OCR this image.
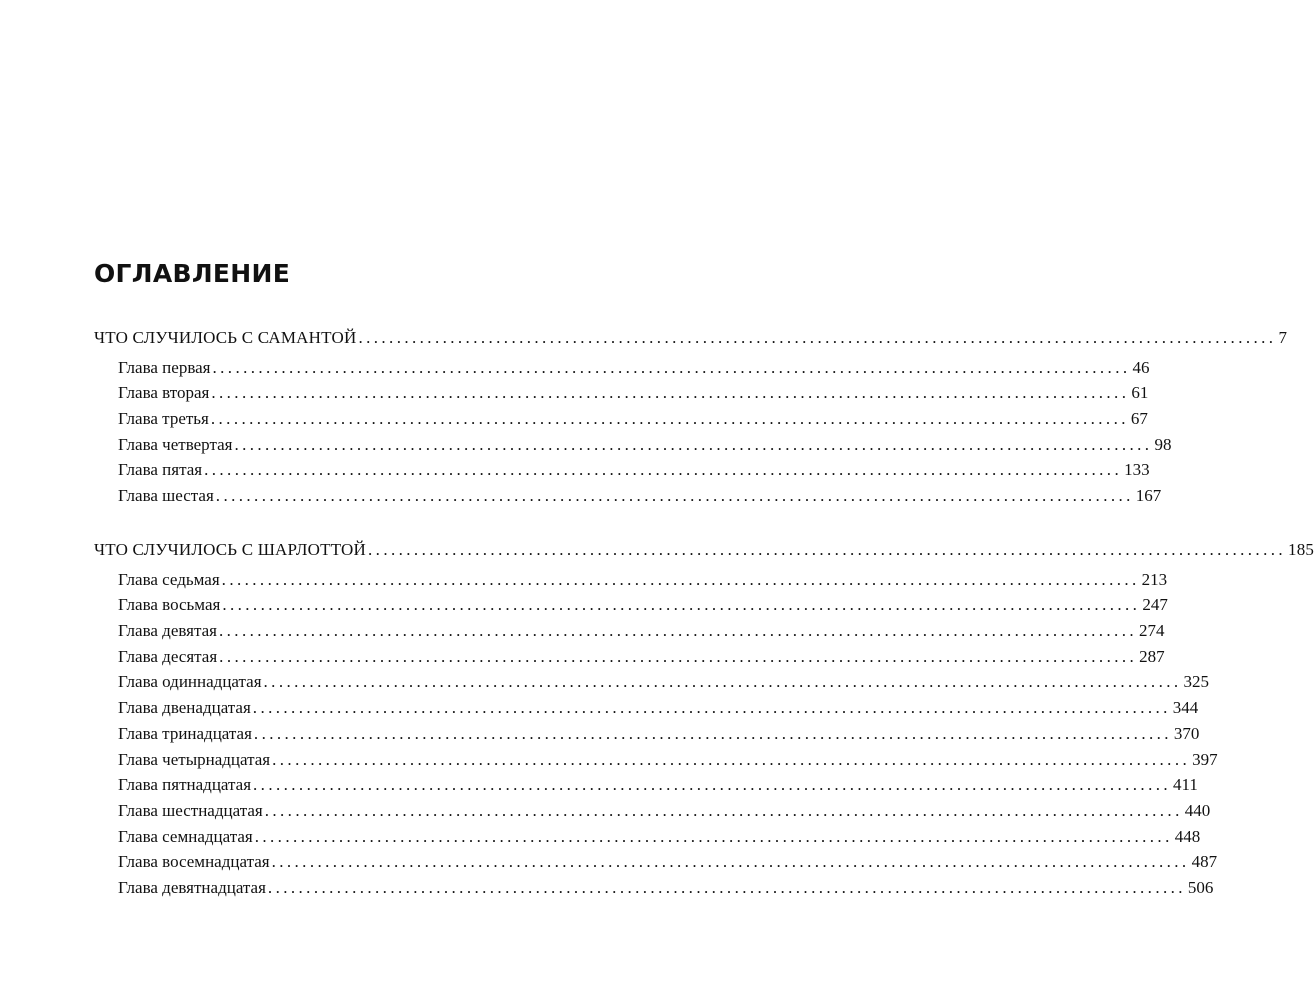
ОГЛАВЛЕНИЕ
ЧТО СЛУЧИЛОСЬ С САМАНТОЙ ........................................................................................................................ 7
Глава первая ........................................................................................................................ 46
Глава вторая ........................................................................................................................ 61
Глава третья ........................................................................................................................ 67
Глава четвертая ........................................................................................................................ 98
Глава пятая ........................................................................................................................ 133
Глава шестая ........................................................................................................................ 167
ЧТО СЛУЧИЛОСЬ С ШАРЛОТТОЙ ........................................................................................................................ 185
Глава седьмая ........................................................................................................................ 213
Глава восьмая ........................................................................................................................ 247
Глава девятая ........................................................................................................................ 274
Глава десятая ........................................................................................................................ 287
Глава одиннадцатая ........................................................................................................................ 325
Глава двенадцатая ........................................................................................................................ 344
Глава тринадцатая ........................................................................................................................ 370
Глава четырнадцатая ........................................................................................................................ 397
Глава пятнадцатая ........................................................................................................................ 411
Глава шестнадцатая ........................................................................................................................ 440
Глава семнадцатая ........................................................................................................................ 448
Глава восемнадцатая ........................................................................................................................ 487
Глава девятнадцатая ........................................................................................................................ 506
